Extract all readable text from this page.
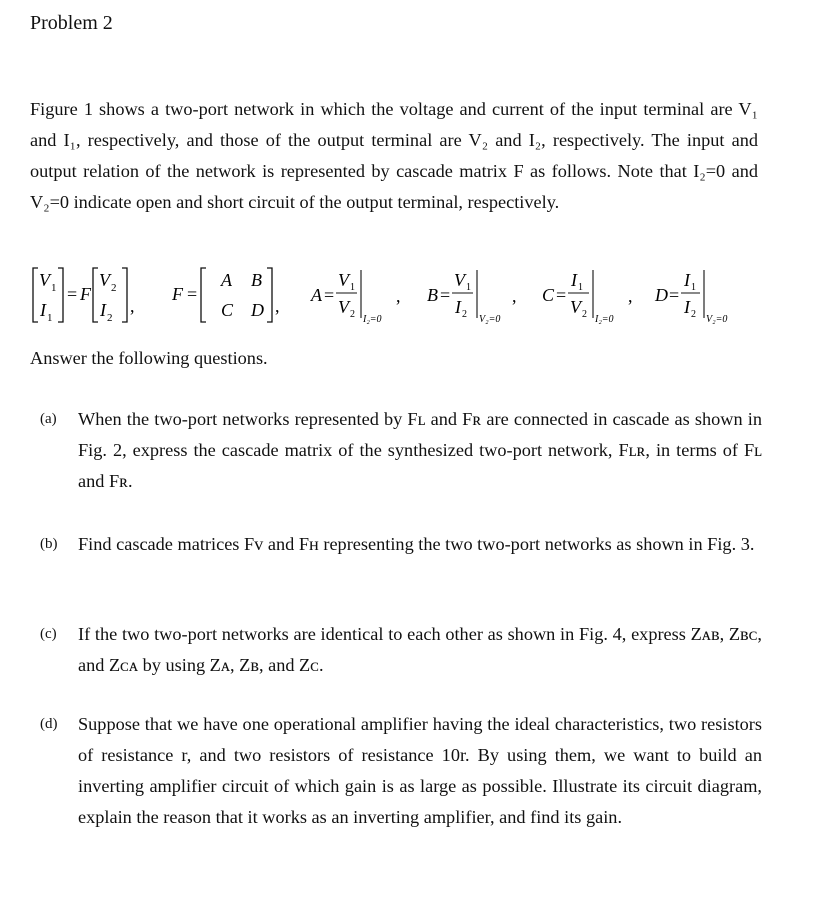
Problem 2

Figure 1 shows a two-port network in which the voltage and current of the input terminal are V₁ and I₁, respectively, and those of the output terminal are V₂ and I₂, respectively. The input and output relation of the network is represented by cascade matrix F as follows. Note that I₂=0 and V₂=0 indicate open and short circuit of the output terminal, respectively.

V 1
I 1
= F
V 2
I 2
,
F =
A B
C D ,
A =
V 1
V 2 I₂=0
, B =
V 1
I 2 V₂=0
, C =
I 1
V 2 I₂=0
, D =
I 1
I 2 V₂=0
Answer the following questions.
(a) When the two-port networks represented by Fʟ and Fʀ are connected in cascade as shown in Fig. 2, express the cascade matrix of the synthesized two-port network, Fʟʀ, in terms of Fʟ and Fʀ.
(b) Find cascade matrices Fv and Fʜ representing the two two-port networks as shown in Fig. 3.
(c) If the two two-port networks are identical to each other as shown in Fig. 4, express Zᴀʙ, Zʙᴄ, and Zᴄᴀ by using Zᴀ, Zʙ, and Zᴄ.
(d) Suppose that we have one operational amplifier having the ideal characteristics, two resistors of resistance r, and two resistors of resistance 10r. By using them, we want to build an inverting amplifier circuit of which gain is as large as possible. Illustrate its circuit diagram, explain the reason that it works as an inverting amplifier, and find its gain.
